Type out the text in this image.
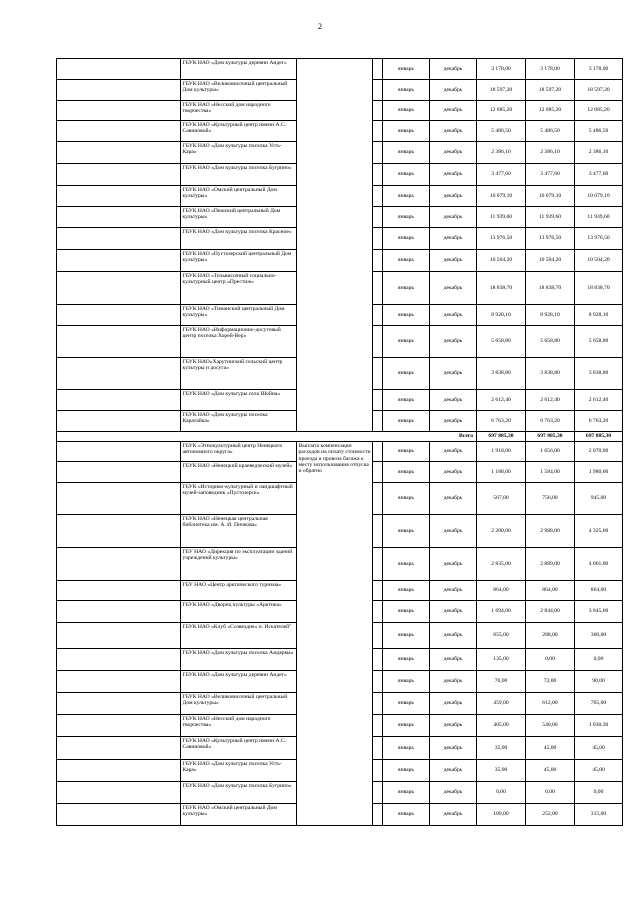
2
	ГБУК НАО «Дом культуры деревни Андег»			январь	декабрь	3 178,00	3 178,00	3 178,00
	ГБУК НАО «Великовисочный центральный Дом культуры»			январь	декабрь	18 597,20	18 597,20	18 597,20
	ГБУК НАО «Несский дом народного творчества»			январь	декабрь	12 085,20	12 085,20	12 085,20
	ГБУК НАО «Культурный центр имени А.С. Савиновой»			январь	декабрь	5 486,50	5 486,50	5 486,50
	ГБУК НАО «Дом культуры поселка Усть-Кара»			январь	декабрь	2 386,10	2 386,10	2 386,10
	ГБУК НАО «Дом культуры поселка Бугрино»			январь	декабрь	3 477,60	3 477,60	3 477,60
	ГБУК НАО «Омский центральный Дом культуры»			январь	декабрь	10 079,10	10 079,10	10 079,10
	ГБУК НАО «Пешский центральный Дом культуры»			январь	декабрь	11 939,60	11 939,60	11 939,60
	ГБУК НАО «Дом культуры поселка Красное»			январь	декабрь	13 976,50	13 976,50	13 976,50
	ГБУК НАО «Пустозерский центральный Дом культуры»			январь	декабрь	10 504,20	10 504,20	10 504,20
	ГБУК НАО «Тельвисочный социально-культурный центр «Престиж»			январь	декабрь	18 838,70	18 838,70	18 838,70
	ГБУК НАО «Тиманский центральный Дом культуры»			январь	декабрь	8 928,10	8 928,10	8 928,10
	ГБУК НАО «Информационно-досуговый центр поселка Хорей-Вер»			январь	декабрь	5 658,80	5 658,80	5 658,80
	ГБУК НАО«Харутинский сельский центр культуры и досуга»			январь	декабрь	3 838,80	3 838,80	3 838,80
	ГБУК НАО «Дом культуры села Шойна»			январь	декабрь	2 612,40	2 612,40	2 612,40
	ГБУК НАО «Дом культуры поселка Каратайка»			январь	декабрь	6 763,20	6 763,20	6 763,20
Всего						697 885,30	697 885,30	697 885,30
	ГБУК «Этнокультурный центр Ненецкого автономного округа»	Выплата компенсации расходов на оплату стоимости проезда и провоза багажа к месту использования отпуска и обратно		январь	декабрь	1 918,00	1 656,00	2 070,00
	ГБУК НАО «Ненецкий краеведческий музей»			январь	декабрь	1 188,00	1 584,00	1 980,00
	ГБУК «Историко-культурный и ландшафтный музей-заповедник «Пустозерск»			январь	декабрь	567,00	756,00	945,00
	ГБУК НАО «Ненецкая центральная библиотека им. А. И. Пичкова»			январь	декабрь	2 200,00	2 988,00	4 325,00
	ГБУ НАО «Дирекция по эксплуатации зданий учреждений культуры»			январь	декабрь	2 835,00	2 889,00	4 061,00
	ГБУ НАО «Центр арктического туризма»			январь	декабрь	864,00	864,00	864,00
	ГБУК НАО «Дворец культуры «Арктика»			январь	декабрь	1 694,00	2 844,00	3 845,00
	ГБУК НАО «Клуб «Созвездие» п. Искателей"			январь	декабрь	855,00	288,00	360,00
	ГБУК НАО «Дом культуры поселка Амдерма»			январь	декабрь	135,00	0,00	0,00
	ГБУК НАО «Дом культуры деревни Андег»			январь	декабрь	70,00	72,00	90,00
	ГБУК НАО «Великовисочный центральный Дом культуры»			январь	декабрь	459,00	612,00	765,00
	ГБУК НАО «Несский дом народного творчества»			январь	декабрь	405,00	540,00	1 030,30
	ГБУК НАО «Культурный центр имени А.С. Савиновой»			январь	декабрь	35,00	45,00	45,00
	ГБУК НАО «Дом культуры поселка Усть-Кара»			январь	декабрь	35,00	45,00	45,00
	ГБУК НАО «Дом культуры поселка Бугрино»			январь	декабрь	0,00	0,00	0,00
	ГБУК НАО «Омский центральный Дом культуры»			январь	декабрь	189,00	252,00	315,00
